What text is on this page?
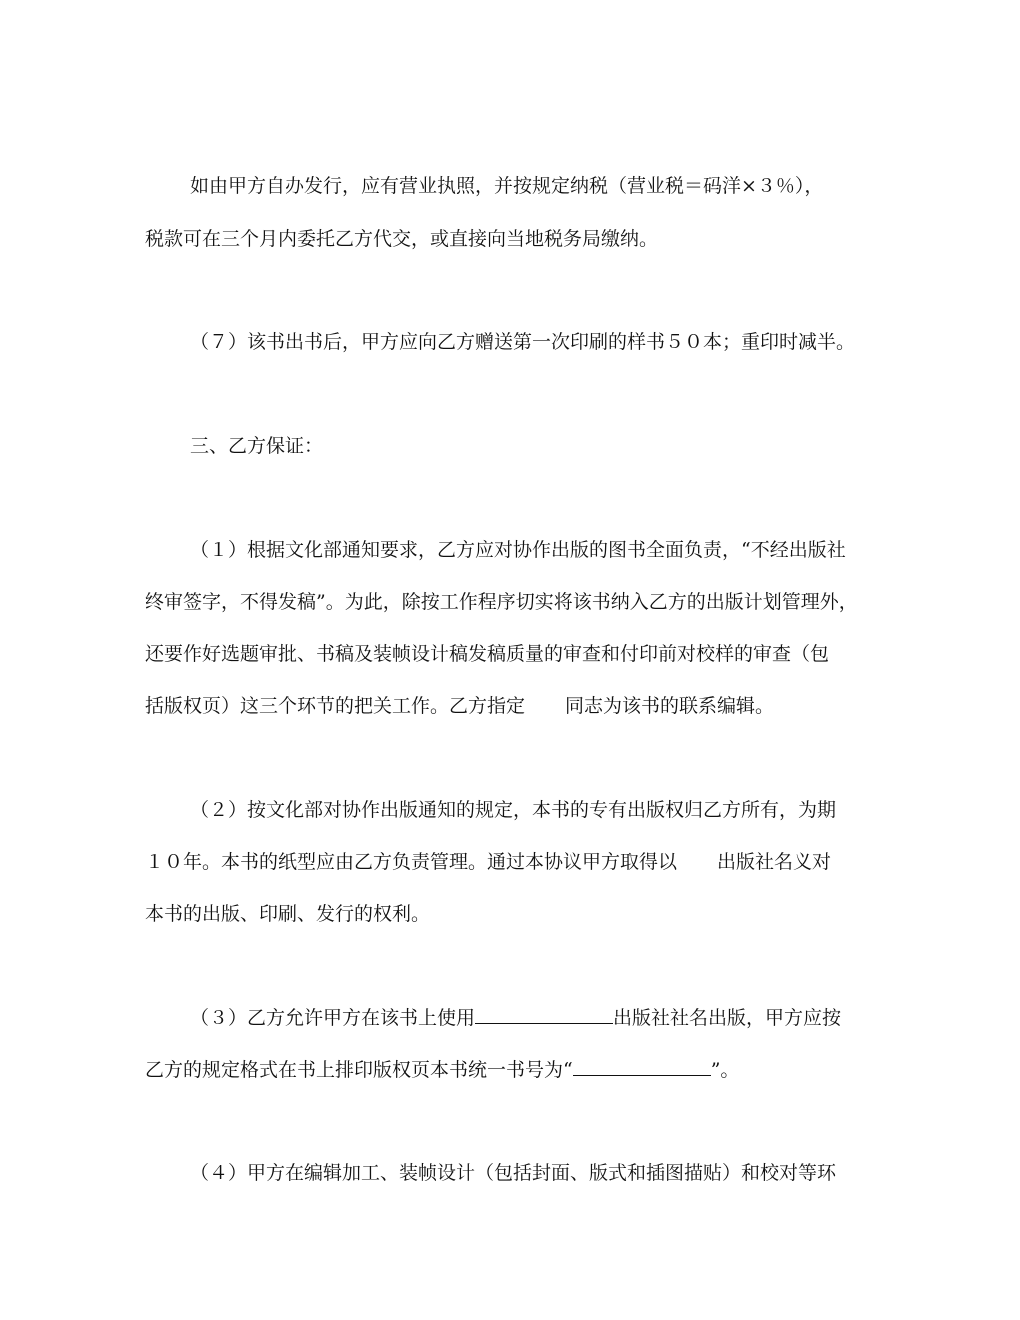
如由甲方自办发行，应有营业执照，并按规定纳税（营业税＝码洋×３％），

税款可在三个月内委托乙方代交，或直接向当地税务局缴纳。

（７）该书出书后，甲方应向乙方赠送第一次印刷的样书５０本；重印时减半。

三、乙方保证：

（１）根据文化部通知要求，乙方应对协作出版的图书全面负责，“不经出版社

终审签字，不得发稿”。为此，除按工作程序切实将该书纳入乙方的出版计划管理外，

还要作好选题审批、书稿及装帧设计稿发稿质量的审查和付印前对校样的审查（包

括版权页）这三个环节的把关工作。乙方指定 同志为该书的联系编辑。

（２）按文化部对协作出版通知的规定，本书的专有出版权归乙方所有，为期

１０年。本书的纸型应由乙方负责管理。通过本协议甲方取得以 出版社名义对

本书的出版、印刷、发行的权利。

（３）乙方允许甲方在该书上使用	出版社社名出版，甲方应按

乙方的规定格式在书上排印版权页本书统一书号为“	”。

（４）甲方在编辑加工、装帧设计（包括封面、版式和插图描贴）和校对等环
